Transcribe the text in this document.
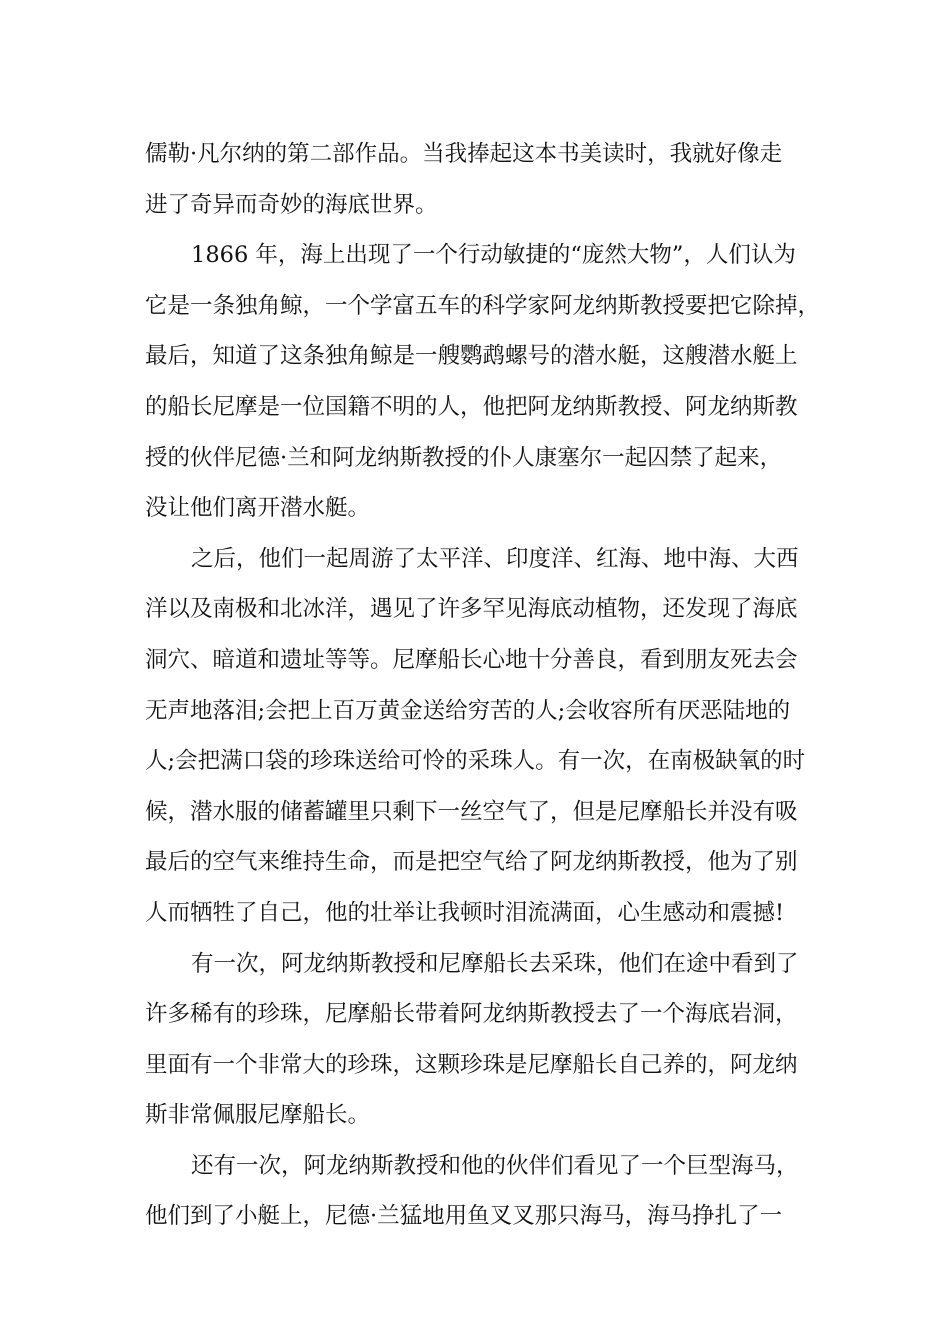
儒勒·凡尔纳的第二部作品。当我捧起这本书美读时，我就好像走
进了奇异而奇妙的海底世界。
1866 年，海上出现了一个行动敏捷的“庞然大物”，人们认为
它是一条独角鲸，一个学富五车的科学家阿龙纳斯教授要把它除掉，
最后，知道了这条独角鲸是一艘鹦鹉螺号的潜水艇，这艘潜水艇上
的船长尼摩是一位国籍不明的人，他把阿龙纳斯教授、阿龙纳斯教
授的伙伴尼德·兰和阿龙纳斯教授的仆人康塞尔一起囚禁了起来，
没让他们离开潜水艇。
之后，他们一起周游了太平洋、印度洋、红海、地中海、大西
洋以及南极和北冰洋，遇见了许多罕见海底动植物，还发现了海底
洞穴、暗道和遗址等等。尼摩船长心地十分善良，看到朋友死去会
无声地落泪;会把上百万黄金送给穷苦的人;会收容所有厌恶陆地的
人;会把满口袋的珍珠送给可怜的采珠人。有一次，在南极缺氧的时
候，潜水服的储蓄罐里只剩下一丝空气了，但是尼摩船长并没有吸
最后的空气来维持生命，而是把空气给了阿龙纳斯教授，他为了别
人而牺牲了自己，他的壮举让我顿时泪流满面，心生感动和震撼!
有一次，阿龙纳斯教授和尼摩船长去采珠，他们在途中看到了
许多稀有的珍珠，尼摩船长带着阿龙纳斯教授去了一个海底岩洞，
里面有一个非常大的珍珠，这颗珍珠是尼摩船长自己养的，阿龙纳
斯非常佩服尼摩船长。
还有一次，阿龙纳斯教授和他的伙伴们看见了一个巨型海马，
他们到了小艇上，尼德·兰猛地用鱼叉叉那只海马，海马挣扎了一
